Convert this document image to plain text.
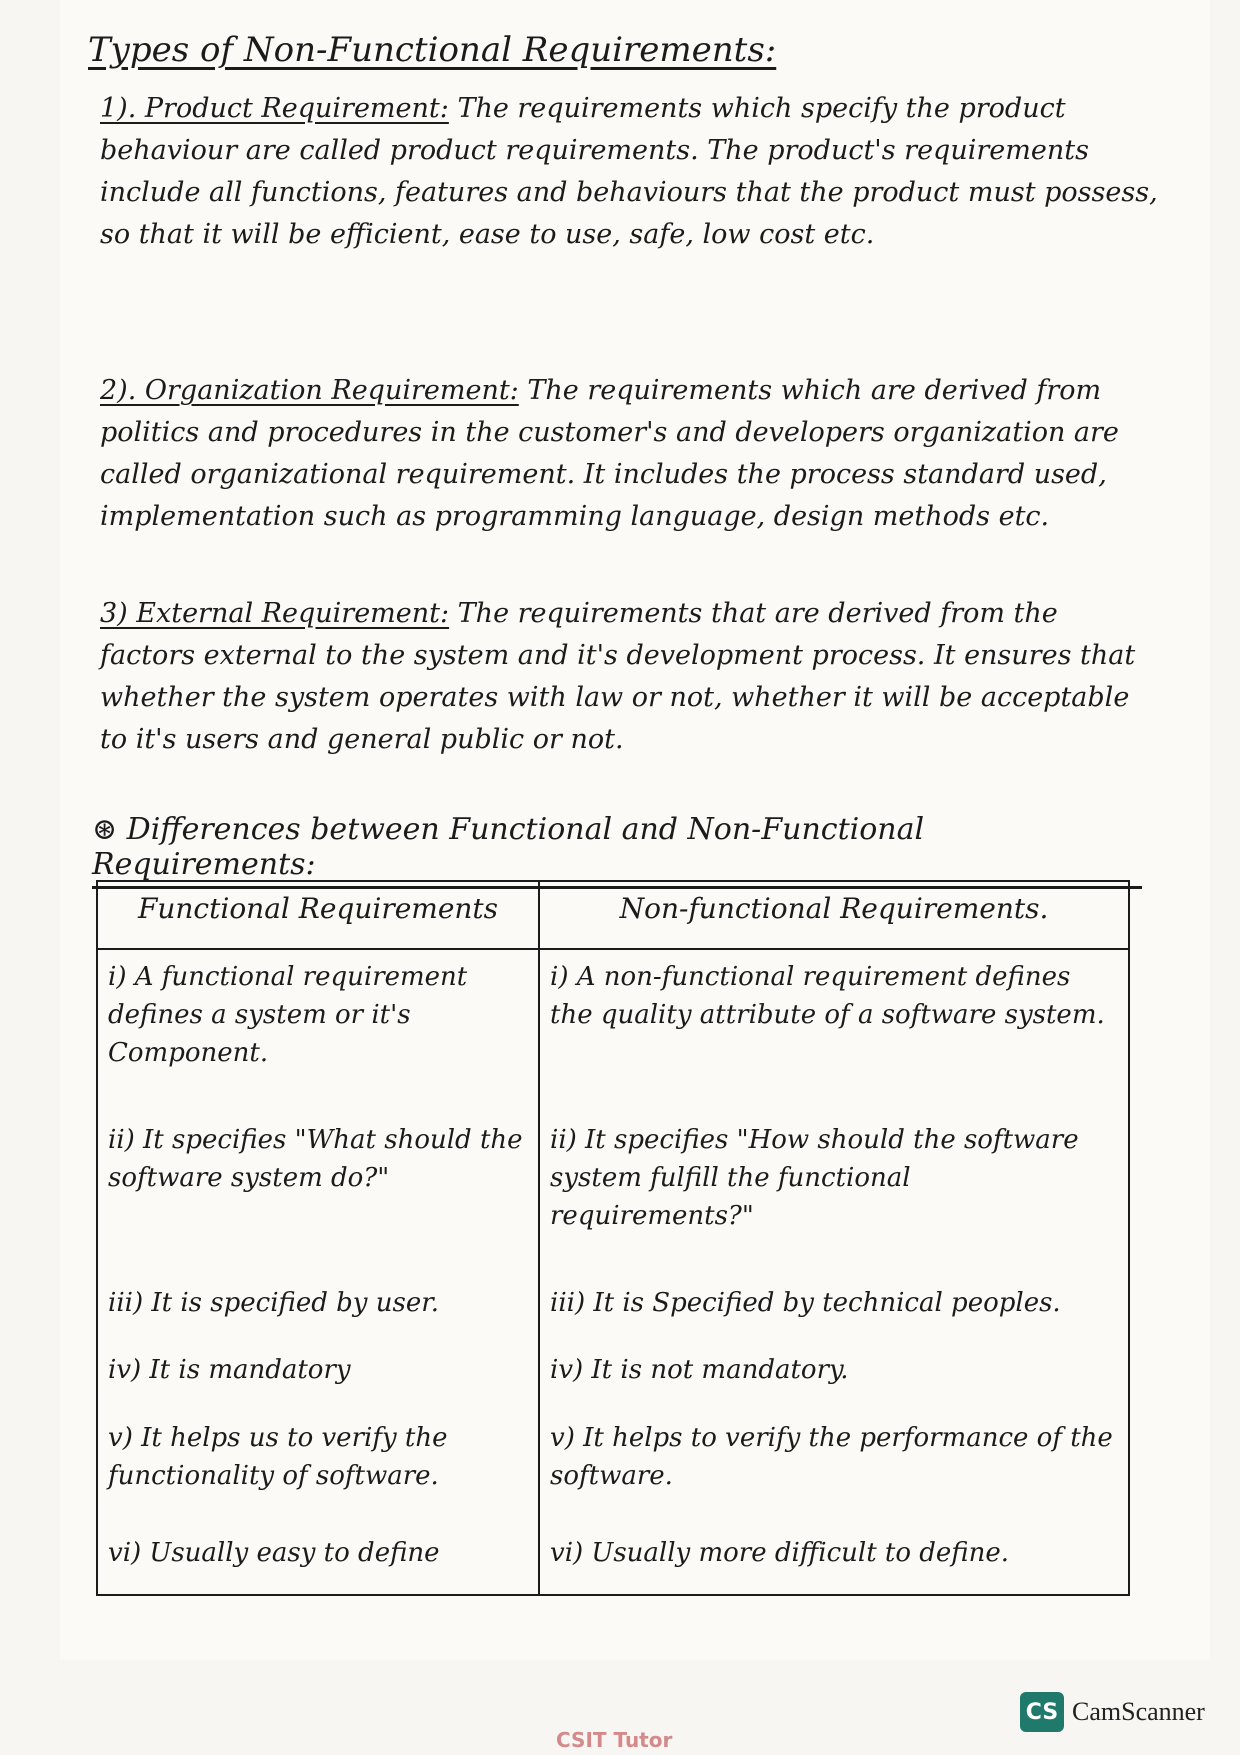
Types of Non-Functional Requirements:
1). Product Requirement: The requirements which specify the product behaviour are called product requirements. The product's requirements include all functions, features and behaviours that the product must possess, so that it will be efficient, ease to use, safe, low cost etc.
2). Organization Requirement: The requirements which are derived from politics and procedures in the customer's and developers organization are called organizational requirement. It includes the process standard used, implementation such as programming language, design methods etc.
3) External Requirement: The requirements that are derived from the factors external to the system and it's development process. It ensures that whether the system operates with law or not, whether it will be acceptable to it's users and general public or not.
⊛ Differences between Functional and Non-Functional Requirements:
Functional Requirements	Non-functional Requirements.
i) A functional requirement defines a system or it's Component.	i) A non-functional requirement defines the quality attribute of a software system.
ii) It specifies "What should the software system do?"	ii) It specifies "How should the software system fulfill the functional requirements?"
iii) It is specified by user.	iii) It is Specified by technical peoples.
iv) It is mandatory	iv) It is not mandatory.
v) It helps us to verify the functionality of software.	v) It helps to verify the performance of the software.
vi) Usually easy to define	vi) Usually more difficult to define.
CSIT Tutor
CS CamScanner
